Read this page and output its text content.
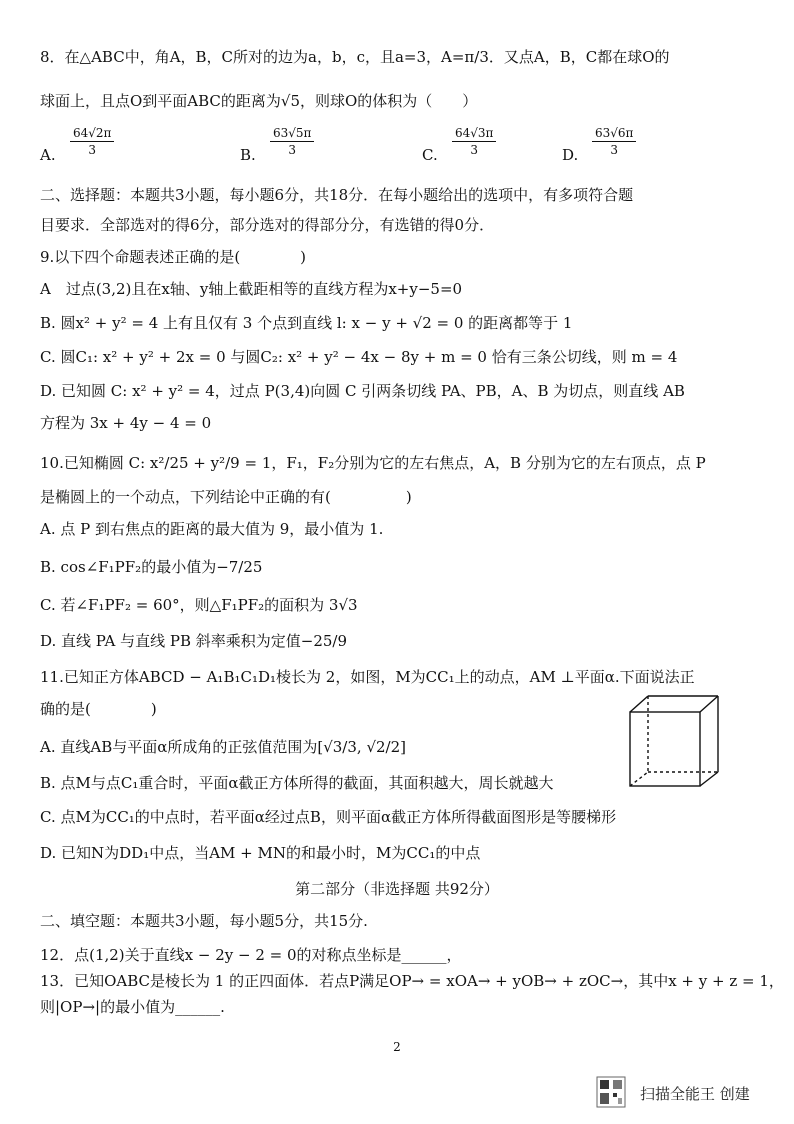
8．在△ABC中，角A，B，C所对的边为a，b，c，且a=3，A=π/3．又点A，B，C都在球O的
球面上，且点O到平面ABC的距离为√5，则球O的体积为（　　）
A. $\frac{64√2\pi}{3}$	B. $\frac{63√5\pi}{3}$	C. $\frac{64√3\pi}{3}$	D. $\frac{63√6\pi}{3}$
二、选择题：本题共3小题，每小题6分，共18分．在每小题给出的选项中，有多项符合题
目要求．全部选对的得6分，部分选对的得部分分，有选错的得0分．
9.以下四个命题表述正确的是(　　　　)
A　过点(3,2)且在x轴、y轴上截距相等的直线方程为x+y−5=0
B. 圆x² + y² = 4 上有且仅有 3 个点到直线 l: x − y + √2 = 0 的距离都等于 1
C. 圆C₁: x² + y² + 2x = 0 与圆C₂: x² + y² − 4x − 8y + m = 0 恰有三条公切线，则 m = 4
D. 已知圆 C: x² + y² = 4，过点 P(3,4)向圆 C 引两条切线 PA、PB，A、B 为切点，则直线 AB
方程为 3x + 4y − 4 = 0
10.已知椭圆 C: x²/25 + y²/9 = 1，F₁，F₂分别为它的左右焦点，A，B 分别为它的左右顶点，点 P
是椭圆上的一个动点，下列结论中正确的有(　　　　　)
A. 点 P 到右焦点的距离的最大值为 9，最小值为 1.
B. cos∠F₁PF₂的最小值为−7/25
C. 若∠F₁PF₂ = 60°，则△F₁PF₂的面积为 3√3
D. 直线 PA 与直线 PB 斜率乘积为定值−25/9
11.已知正方体ABCD − A₁B₁C₁D₁棱长为 2，如图，M为CC₁上的动点，AM ⊥平面α.下面说法正
确的是(　　　　)
A. 直线AB与平面α所成角的正弦值范围为[√3/3, √2/2]
B. 点M与点C₁重合时，平面α截正方体所得的截面，其面积越大，周长就越大
C. 点M为CC₁的中点时，若平面α经过点B，则平面α截正方体所得截面图形是等腰梯形
D. 已知N为DD₁中点，当AM + MN的和最小时，M为CC₁的中点
第二部分（非选择题 共92分）
二、填空题：本题共3小题，每小题5分，共15分.
12．点(1,2)关于直线x − 2y − 2 = 0的对称点坐标是______，
13．已知OABC是棱长为 1 的正四面体．若点P满足OP→ = xOA→ + yOB→ + zOC→，其中x + y + z = 1，
则|OP→|的最小值为______.
2
扫描全能王 创建
